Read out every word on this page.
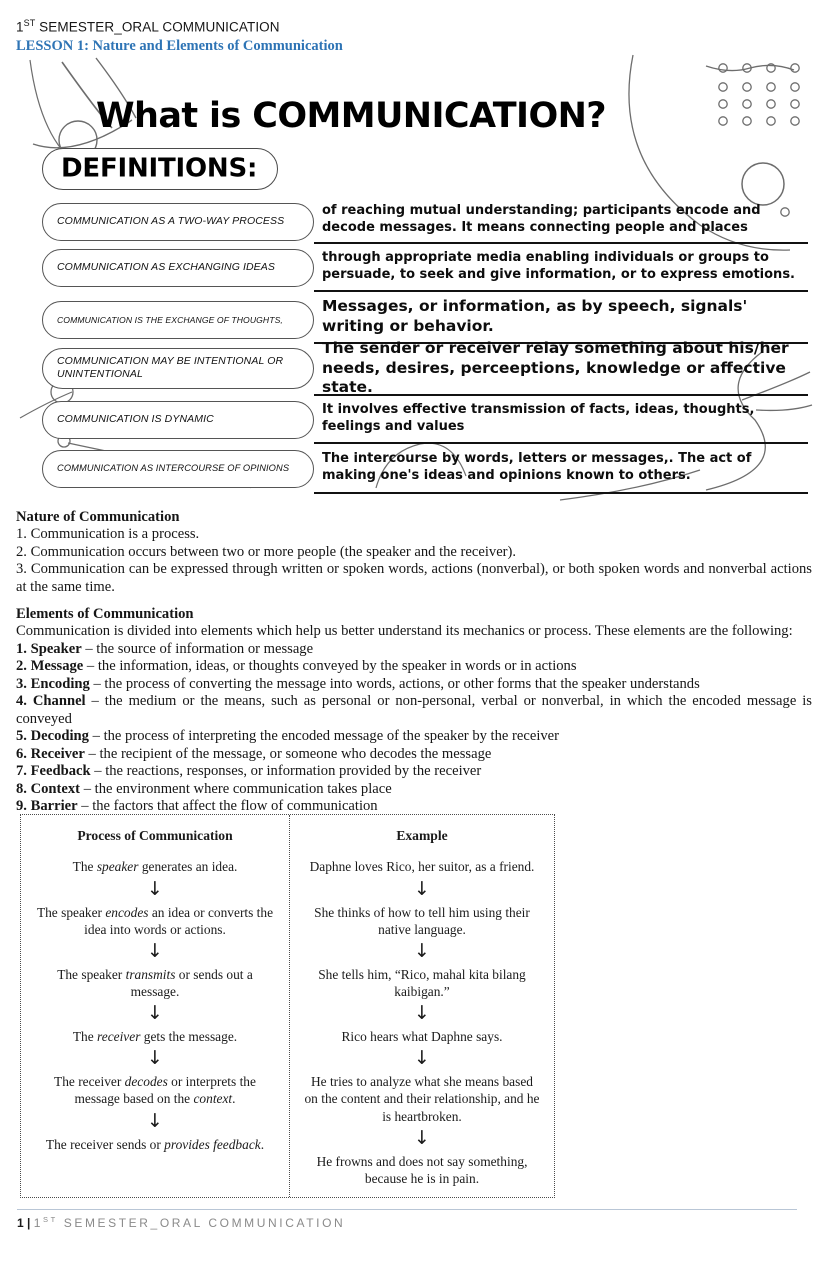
1ST SEMESTER_ORAL COMMUNICATION
LESSON 1: Nature and Elements of Communication
What is COMMUNICATION?
DEFINITIONS:
COMMUNICATION AS A TWO-WAY PROCESS
of reaching mutual understanding; participants encode and decode messages. It means connecting people and places
COMMUNICATION AS EXCHANGING IDEAS
through appropriate media enabling individuals or groups to persuade, to seek and give information, or to express emotions.
COMMUNICATION IS THE EXCHANGE OF THOUGHTS,
Messages, or information, as by speech, signals' writing or behavior.
COMMUNICATION MAY BE INTENTIONAL OR UNINTENTIONAL
The sender or receiver relay something about his/her needs, desires, perceeptions, knowledge or affective state.
COMMUNICATION IS DYNAMIC
It involves effective transmission of facts, ideas, thoughts, feelings and values
COMMUNICATION AS INTERCOURSE OF OPINIONS
The intercourse by words, letters or messages,. The act of making one's ideas and opinions known to others.
Nature of Communication

1. Communication is a process.

2. Communication occurs between two or more people (the speaker and the receiver).

3. Communication can be expressed through written or spoken words, actions (nonverbal), or both spoken words and nonverbal actions at the same time.

Elements of Communication

Communication is divided into elements which help us better understand its mechanics or process. These elements are the following:

1. Speaker – the source of information or message

2. Message – the information, ideas, or thoughts conveyed by the speaker in words or in actions

3. Encoding – the process of converting the message into words, actions, or other forms that the speaker understands

4. Channel – the medium or the means, such as personal or non-personal, verbal or nonverbal, in which the encoded message is conveyed

5. Decoding – the process of interpreting the encoded message of the speaker by the receiver

6. Receiver – the recipient of the message, or someone who decodes the message

7. Feedback – the reactions, responses, or information provided by the receiver

8. Context – the environment where communication takes place

9. Barrier – the factors that affect the flow of communication

Process of Communication
The speaker generates an idea.
↓
The speaker encodes an idea or converts the idea into words or actions.
↓
The speaker transmits or sends out a message.
↓
The receiver gets the message.
↓
The receiver decodes or interprets the message based on the context.
↓
The receiver sends or provides feedback.
Example
Daphne loves Rico, her suitor, as a friend.
↓
She thinks of how to tell him using their native language.
↓
She tells him, “Rico, mahal kita bilang kaibigan.”
↓
Rico hears what Daphne says.
↓
He tries to analyze what she means based on the content and their relationship, and he is heartbroken.
↓
He frowns and does not say something, because he is in pain.
1 | 1ST SEMESTER_ORAL COMMUNICATION
